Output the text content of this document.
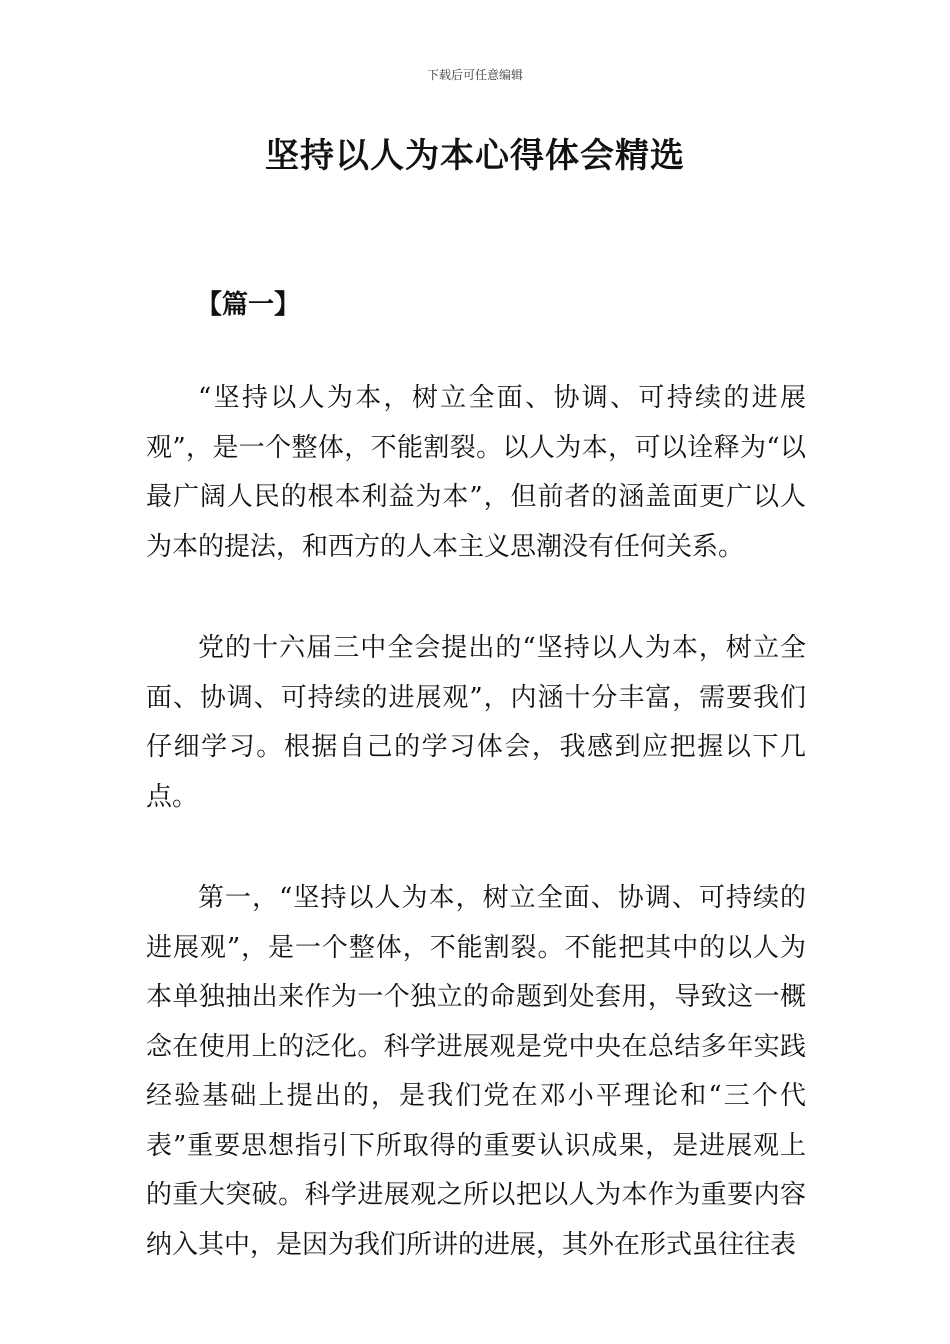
下载后可任意编辑
坚持以人为本心得体会精选
【篇一】

“坚持以人为本，树立全面、协调、可持续的进展观”，是一个整体，不能割裂。以人为本，可以诠释为“以最广阔人民的根本利益为本”，但前者的涵盖面更广以人为本的提法，和西方的人本主义思潮没有任何关系。

党的十六届三中全会提出的“坚持以人为本，树立全面、协调、可持续的进展观”，内涵十分丰富，需要我们仔细学习。根据自己的学习体会，我感到应把握以下几点。

第一，“坚持以人为本，树立全面、协调、可持续的进展观”，是一个整体，不能割裂。不能把其中的以人为本单独抽出来作为一个独立的命题到处套用，导致这一概念在使用上的泛化。科学进展观是党中央在总结多年实践经验基础上提出的，是我们党在邓小平理论和“三个代表”重要思想指引下所取得的重要认识成果，是进展观上的重大突破。科学进展观之所以把以人为本作为重要内容纳入其中，是因为我们所讲的进展，其外在形式虽往往表
